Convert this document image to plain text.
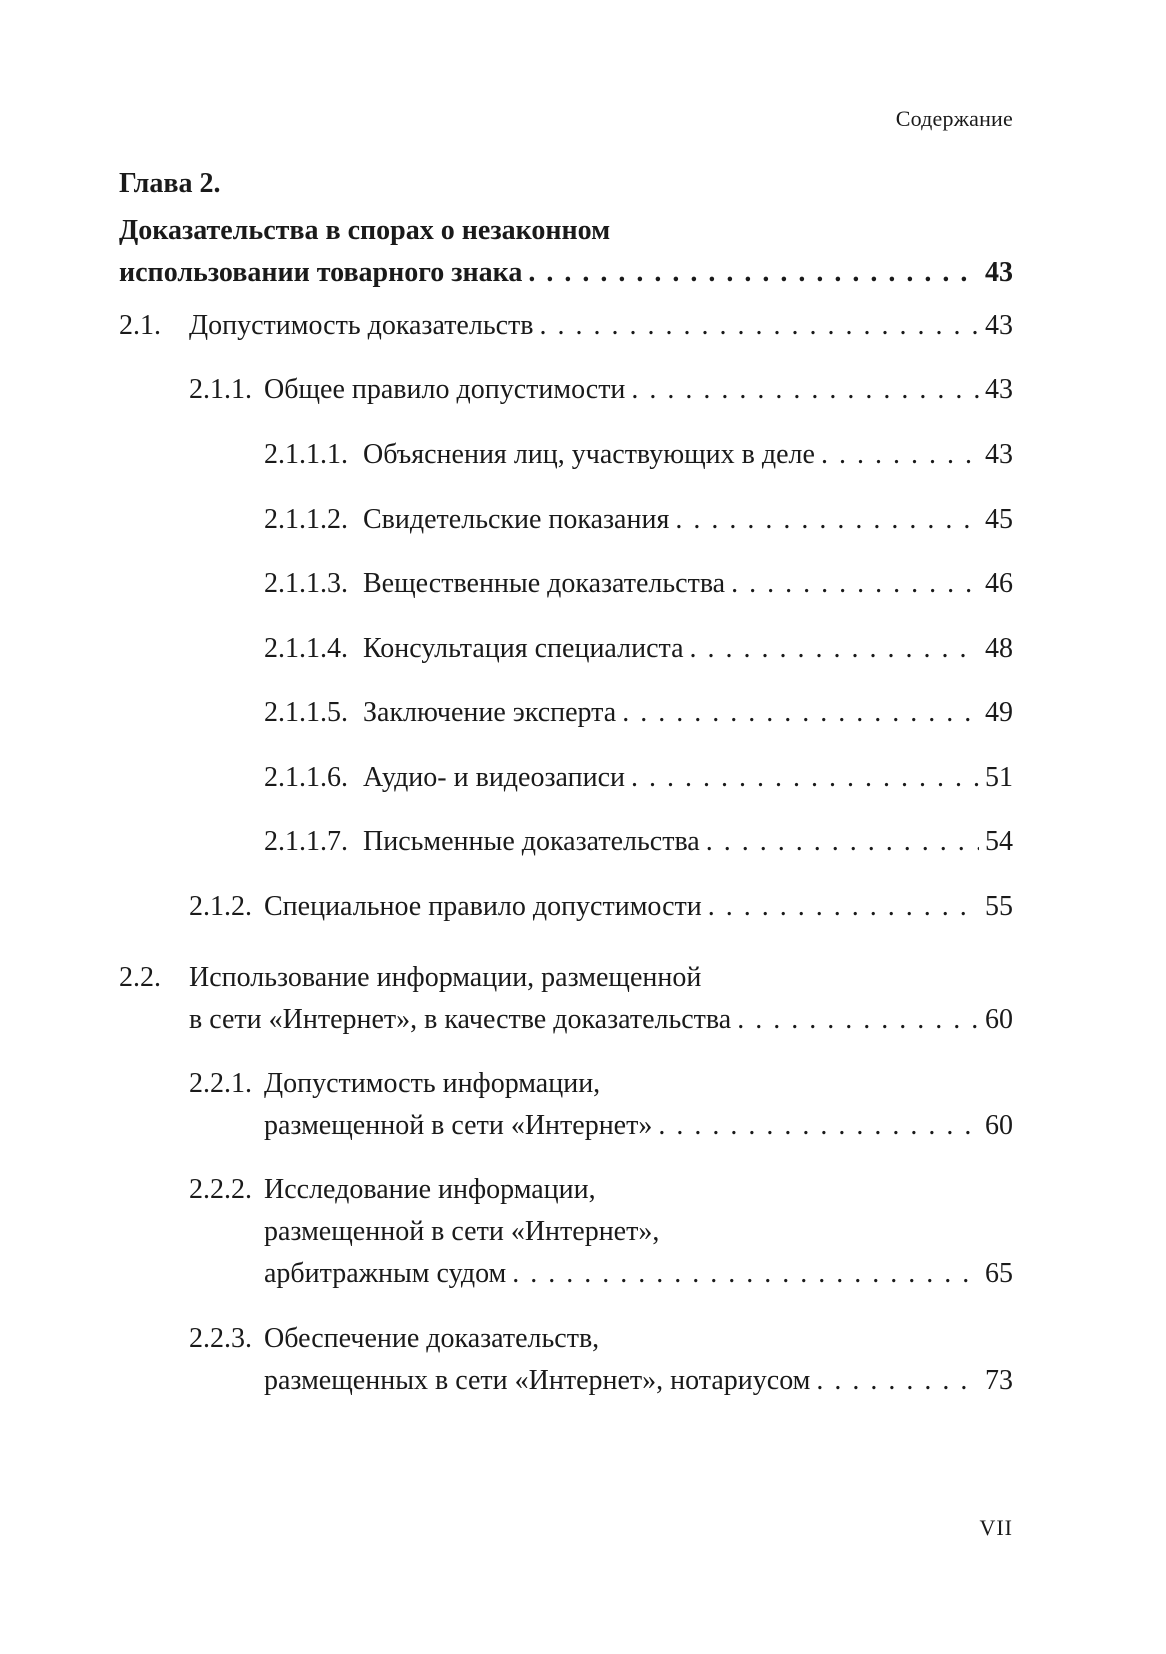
Содержание
Глава 2.
Доказательства в спорах о незаконном
использовании товарного знака . . .	43
2.1. Допустимость доказательств . . .	43
2.1.1. Общее правило допустимости . . .	43
2.1.1.1. Объяснения лиц, участвующих в деле . . .	43
2.1.1.2. Свидетельские показания . . .	45
2.1.1.3. Вещественные доказательства . . .	46
2.1.1.4. Консультация специалиста . . .	48
2.1.1.5. Заключение эксперта . . .	49
2.1.1.6. Аудио- и видеозаписи . . .	51
2.1.1.7. Письменные доказательства . . .	54
2.1.2. Специальное правило допустимости . . .	55
2.2. Использование информации, размещенной
в сети «Интернет», в качестве доказательства . . .	60
2.2.1. Допустимость информации,
размещенной в сети «Интернет» . . .	60
2.2.2. Исследование информации,
размещенной в сети «Интернет»,
арбитражным судом . . .	65
2.2.3. Обеспечение доказательств,
размещенных в сети «Интернет», нотариусом . . .	73
VII
